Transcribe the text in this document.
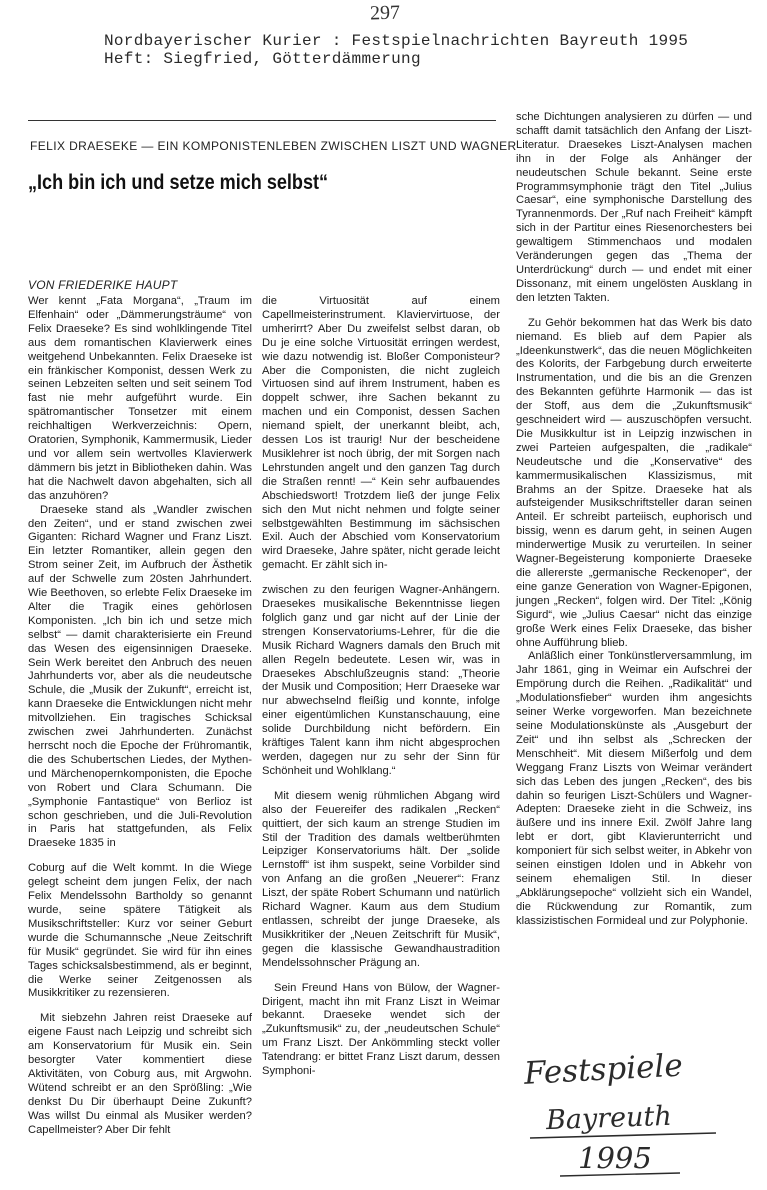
297
Nordbayerischer Kurier : Festspielnachrichten Bayreuth 1995
Heft: Siegfried, Götterdämmerung
FELIX DRAESEKE — EIN KOMPONISTENLEBEN ZWISCHEN LISZT UND WAGNER
„Ich bin ich und setze mich selbst“
VON FRIEDERIKE HAUPT

Wer kennt „Fata Morgana“, „Traum im Elfenhain“ oder „Dämmerungsträume“ von Felix Draeseke? Es sind wohlklingende Titel aus dem romantischen Klavierwerk eines weitgehend Unbekannten. Felix Draeseke ist ein fränkischer Komponist, dessen Werk zu seinen Lebzeiten selten und seit seinem Tod fast nie mehr aufgeführt wurde. Ein spätromantischer Tonsetzer mit einem reichhaltigen Werkverzeichnis: Opern, Oratorien, Symphonik, Kammermusik, Lieder und vor allem sein wertvolles Klavierwerk dämmern bis jetzt in Bibliotheken dahin. Was hat die Nachwelt davon abgehalten, sich all das anzuhören?

Draeseke stand als „Wandler zwischen den Zeiten“, und er stand zwischen zwei Giganten: Richard Wagner und Franz Liszt. Ein letzter Romantiker, allein gegen den Strom seiner Zeit, im Aufbruch der Ästhetik auf der Schwelle zum 20sten Jahrhundert. Wie Beethoven, so erlebte Felix Draeseke im Alter die Tragik eines gehörlosen Komponisten. „Ich bin ich und setze mich selbst“ — damit charakterisierte ein Freund das Wesen des eigensinnigen Draeseke. Sein Werk bereitet den Anbruch des neuen Jahrhunderts vor, aber als die neudeutsche Schule, die „Musik der Zukunft“, erreicht ist, kann Draeseke die Entwicklungen nicht mehr mitvollziehen. Ein tragisches Schicksal zwischen zwei Jahrhunderten. Zunächst herrscht noch die Epoche der Frühromantik, die des Schubertschen Liedes, der Mythen- und Märchenopernkomponisten, die Epoche von Robert und Clara Schumann. Die „Symphonie Fantastique“ von Berlioz ist schon geschrieben, und die Juli-Revolution in Paris hat stattgefunden, als Felix Draeseke 1835 in

Coburg auf die Welt kommt. In die Wiege gelegt scheint dem jungen Felix, der nach Felix Mendelssohn Bartholdy so genannt wurde, seine spätere Tätigkeit als Musikschriftsteller: Kurz vor seiner Geburt wurde die Schumannsche „Neue Zeitschrift für Musik“ gegründet. Sie wird für ihn eines Tages schicksalsbestimmend, als er beginnt, die Werke seiner Zeitgenossen als Musikkritiker zu rezensieren.

Mit siebzehn Jahren reist Draeseke auf eigene Faust nach Leipzig und schreibt sich am Konservatorium für Musik ein. Sein besorgter Vater kommentiert diese Aktivitäten, von Coburg aus, mit Argwohn. Wütend schreibt er an den Sprößling: „Wie denkst Du Dir überhaupt Deine Zukunft? Was willst Du einmal als Musiker werden? Capellmeister? Aber Dir fehlt

die Virtuosität auf einem Capellmeisterinstrument. Klaviervirtuose, der umherirrt? Aber Du zweifelst selbst daran, ob Du je eine solche Virtuosität erringen werdest, wie dazu notwendig ist. Bloßer Componisteur? Aber die Componisten, die nicht zugleich Virtuosen sind auf ihrem Instrument, haben es doppelt schwer, ihre Sachen bekannt zu machen und ein Componist, dessen Sachen niemand spielt, der unerkannt bleibt, ach, dessen Los ist traurig! Nur der bescheidene Musiklehrer ist noch übrig, der mit Sorgen nach Lehrstunden angelt und den ganzen Tag durch die Straßen rennt! —“ Kein sehr aufbauendes Abschiedswort! Trotzdem ließ der junge Felix sich den Mut nicht nehmen und folgte seiner selbstgewählten Bestimmung im sächsischen Exil. Auch der Abschied vom Konservatorium wird Draeseke, Jahre später, nicht gerade leicht gemacht. Er zählt sich in-

zwischen zu den feurigen Wagner-Anhängern. Draesekes musikalische Bekenntnisse liegen folglich ganz und gar nicht auf der Linie der strengen Konservatoriums-Lehrer, für die die Musik Richard Wagners damals den Bruch mit allen Regeln bedeutete. Lesen wir, was in Draesekes Abschlußzeugnis stand: „Theorie der Musik und Composition; Herr Draeseke war nur abwechselnd fleißig und konnte, infolge einer eigentümlichen Kunstanschauung, eine solide Durchbildung nicht befördern. Ein kräftiges Talent kann ihm nicht abgesprochen werden, dagegen nur zu sehr der Sinn für Schönheit und Wohlklang.“

Mit diesem wenig rühmlichen Abgang wird also der Feuereifer des radikalen „Recken“ quittiert, der sich kaum an strenge Studien im Stil der Tradition des damals weltberühmten Leipziger Konservatoriums hält. Der „solide Lernstoff“ ist ihm suspekt, seine Vorbilder sind von Anfang an die großen „Neuerer“: Franz Liszt, der späte Robert Schumann und natürlich Richard Wagner. Kaum aus dem Studium entlassen, schreibt der junge Draeseke, als Musikkritiker der „Neuen Zeitschrift für Musik“, gegen die klassische Gewandhaustradition Mendelssohnscher Prägung an.

Sein Freund Hans von Bülow, der Wagner-Dirigent, macht ihn mit Franz Liszt in Weimar bekannt. Draeseke wendet sich der „Zukunftsmusik“ zu, der „neudeutschen Schule“ um Franz Liszt. Der Ankömmling steckt voller Tatendrang: er bittet Franz Liszt darum, dessen Symphoni-

sche Dichtungen analysieren zu dürfen — und schafft damit tatsächlich den Anfang der Liszt-Literatur. Draesekes Liszt-Analysen machen ihn in der Folge als Anhänger der neudeutschen Schule bekannt. Seine erste Programmsymphonie trägt den Titel „Julius Caesar“, eine symphonische Darstellung des Tyrannenmords. Der „Ruf nach Freiheit“ kämpft sich in der Partitur eines Riesenorchesters bei gewaltigem Stimmenchaos und modalen Veränderungen gegen das „Thema der Unterdrückung“ durch — und endet mit einer Dissonanz, mit einem ungelösten Ausklang in den letzten Takten.

Zu Gehör bekommen hat das Werk bis dato niemand. Es blieb auf dem Papier als „Ideenkunstwerk“, das die neuen Möglichkeiten des Kolorits, der Farbgebung durch erweiterte Instrumentation, und die bis an die Grenzen des Bekannten geführte Harmonik — das ist der Stoff, aus dem die „Zukunftsmusik“ geschneidert wird — auszuschöpfen versucht. Die Musikkultur ist in Leipzig inzwischen in zwei Parteien aufgespalten, die „radikale“ Neudeutsche und die „Konservative“ des kammermusikalischen Klassizismus, mit Brahms an der Spitze. Draeseke hat als aufsteigender Musikschriftsteller daran seinen Anteil. Er schreibt parteiisch, euphorisch und bissig, wenn es darum geht, in seinen Augen minderwertige Musik zu verurteilen. In seiner Wagner-Begeisterung komponierte Draeseke die allererste „germanische Reckenoper“, der eine ganze Generation von Wagner-Epigonen, jungen „Recken“, folgen wird. Der Titel: „König Sigurd“, wie „Julius Caesar“ nicht das einzige große Werk eines Felix Draeseke, das bisher ohne Aufführung blieb.

Anläßlich einer Tonkünstlerversammlung, im Jahr 1861, ging in Weimar ein Aufschrei der Empörung durch die Reihen. „Radikalität“ und „Modulationsfieber“ wurden ihm angesichts seiner Werke vorgeworfen. Man bezeichnete seine Modulationskünste als „Ausgeburt der Zeit“ und ihn selbst als „Schrecken der Menschheit“. Mit diesem Mißerfolg und dem Weggang Franz Liszts von Weimar verändert sich das Leben des jungen „Recken“, des bis dahin so feurigen Liszt-Schülers und Wagner-Adepten: Draeseke zieht in die Schweiz, ins äußere und ins innere Exil. Zwölf Jahre lang lebt er dort, gibt Klavierunterricht und komponiert für sich selbst weiter, in Abkehr von seinen einstigen Idolen und in Abkehr von seinem ehemaligen Stil. In dieser „Abklärungsepoche“ vollzieht sich ein Wandel, die Rückwendung zur Romantik, zum klassizistischen Formideal und zur Polyphonie.

Festspiele
Bayreuth
1995
